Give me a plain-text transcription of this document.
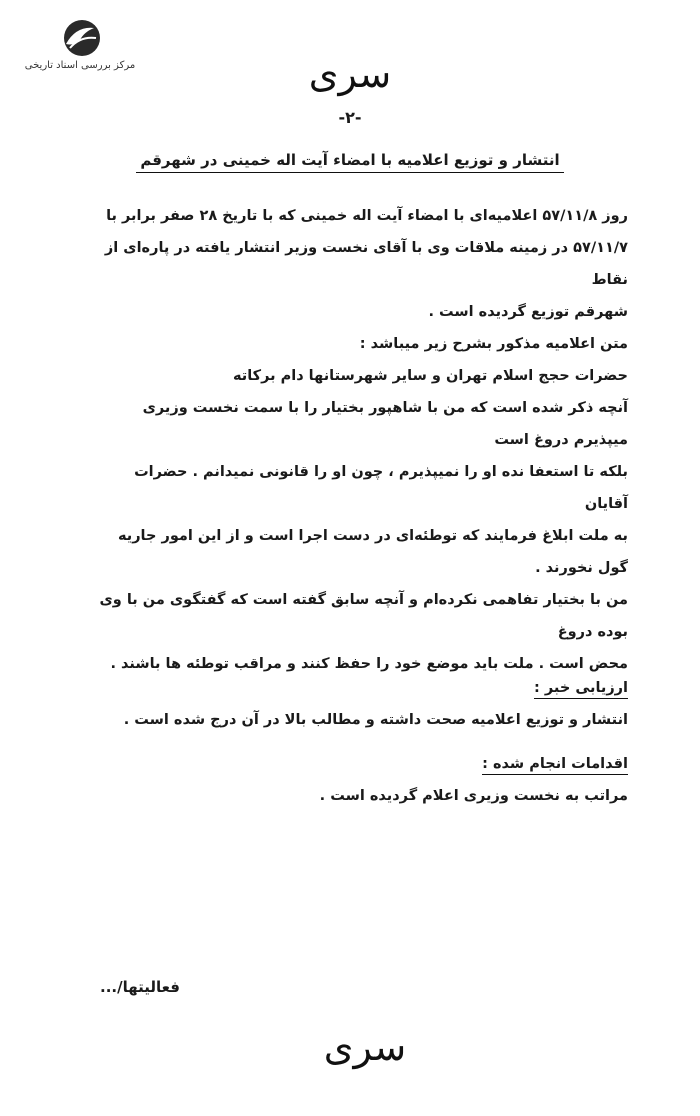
مرکز بررسی اسناد تاریخی	سری
-۲-
انتشار و توزیع اعلامیه با امضاء آیت اله خمینی در شهرقم

روز ۵۷/۱۱/۸ اعلامیه‌ای با امضاء آیت اله خمینی که با تاریخ ۲۸ صفر برابر با

۵۷/۱۱/۷ در زمینه ملاقات وی با آقای نخست وزیر انتشار یافته در پاره‌ای از نقاط

شهرقم توزیع گردیده است .

متن اعلامیه مذکور بشرح زیر میباشد :

حضرات حجج اسلام تهران و سایر شهرستانها دام برکاته

آنچه ذکر شده است که من با شاهپور بختیار را با سمت نخست وزیری میپذیرم دروغ است

بلکه تا استعفا نده او را نمیپذیرم ، چون او را قانونی نمیدانم . حضرات آقایان

به ملت ابلاغ فرمایند که توطئه‌ای در دست اجرا است و از این امور جاریه گول نخورند .

من با بختیار تفاهمی نکرده‌ام و آنچه سابق گفته است که گفتگوی من با وی بوده دروغ

محض است . ملت باید موضع خود را حفظ کنند و مراقب توطئه ها باشند .

ارزیابی خبر :

انتشار و توزیع اعلامیه صحت داشته و مطالب بالا در آن درج شده است .

اقدامات انجام شده :

مراتب به نخست وزیری اعلام گردیده است .

فعالیتها/...
سری
